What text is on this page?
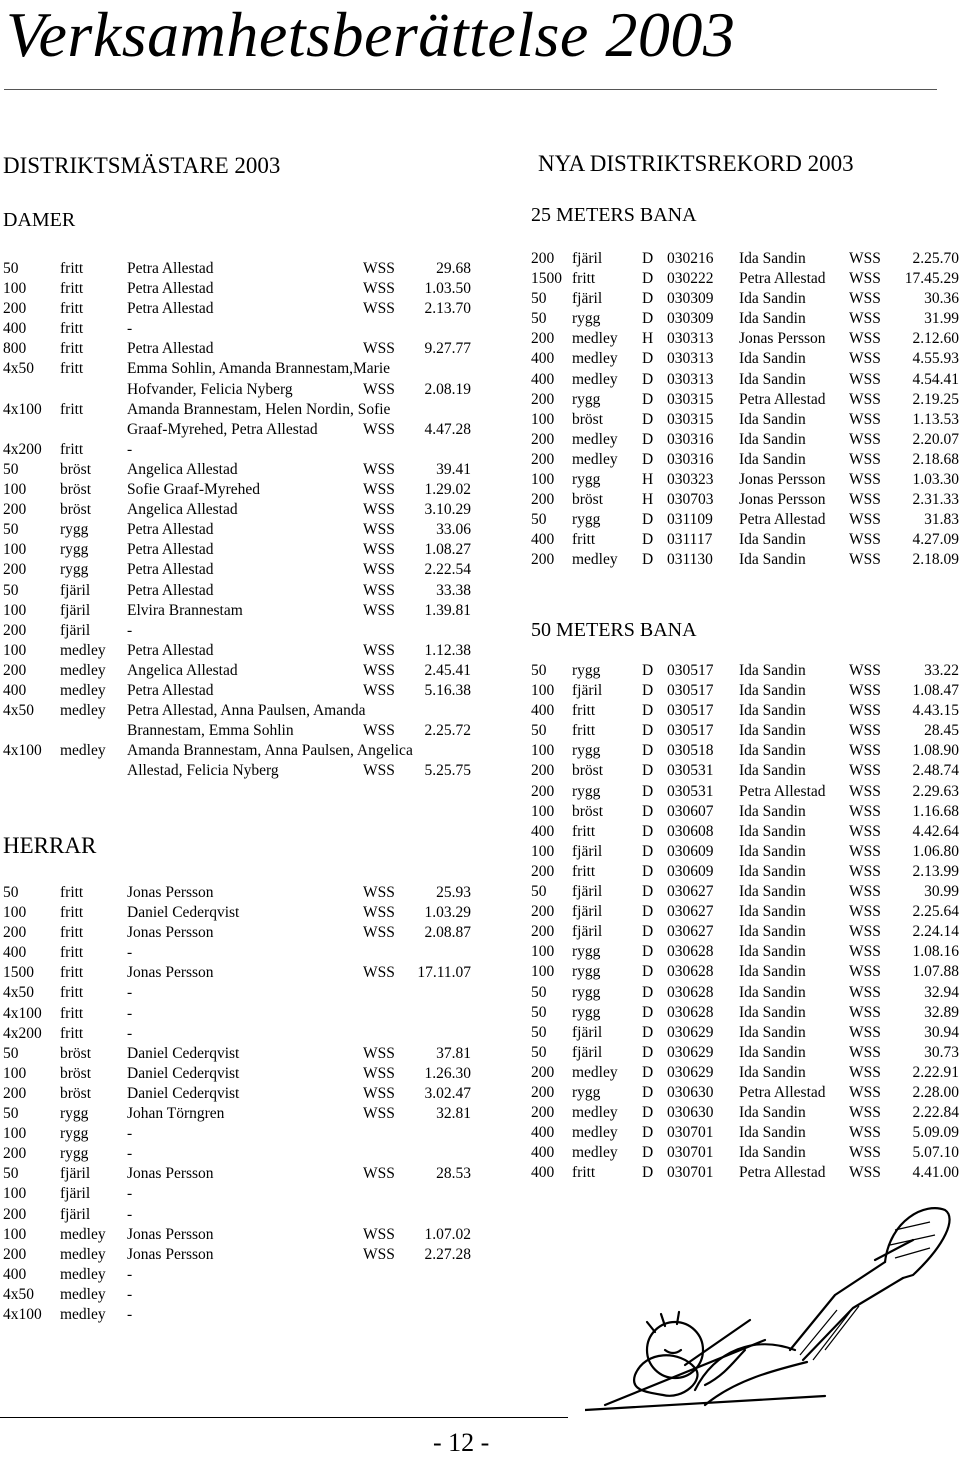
Verksamhetsberättelse 2003
DISTRIKTSMÄSTARE 2003
DAMER
50	fritt	Petra Allestad	WSS	29.68
100 fritt	Petra Allestad	WSS 1.03.50
200 fritt	Petra Allestad	WSS 2.13.70
400 fritt	-
800 fritt	Petra Allestad	WSS 9.27.77
4x50 fritt	Emma Sohlin, Amanda Brannestam,Marie
Hofvander, Felicia Nyberg	WSS 2.08.19
4x100 fritt	Amanda Brannestam, Helen Nordin, Sofie
Graaf-Myrehed, Petra Allestad	WSS 4.47.28
4x200 fritt	-
50	bröst Angelica Allestad	WSS	39.41
100 bröst Sofie Graaf-Myrehed	WSS 1.29.02
200 bröst Angelica Allestad	WSS 3.10.29
50	rygg Petra Allestad	WSS	33.06
100 rygg Petra Allestad	WSS 1.08.27
200 rygg Petra Allestad	WSS 2.22.54
50	fjäril Petra Allestad	WSS	33.38
100 fjäril Elvira Brannestam	WSS 1.39.81
200 fjäril -
100 medley Petra Allestad	WSS 1.12.38
200 medley Angelica Allestad	WSS 2.45.41
400 medley Petra Allestad	WSS 5.16.38
4x50 medley Petra Allestad, Anna Paulsen, Amanda
Brannestam, Emma Sohlin	WSS 2.25.72
4x100 medley Amanda Brannestam, Anna Paulsen, Angelica
Allestad, Felicia Nyberg	WSS 5.25.75
HERRAR
50	fritt	Jonas Persson	WSS	25.93
100 fritt	Daniel Cederqvist	WSS 1.03.29
200 fritt	Jonas Persson	WSS 2.08.87
400 fritt	-
1500 fritt	Jonas Persson	WSS 17.11.07
4x50 fritt	-
4x100 fritt	-
4x200 fritt	-
50	bröst Daniel Cederqvist	WSS	37.81
100 bröst Daniel Cederqvist	WSS 1.26.30
200 bröst Daniel Cederqvist	WSS 3.02.47
50	rygg Johan Törngren	WSS	32.81
100 rygg -
200 rygg -
50	fjäril Jonas Persson	WSS	28.53
100 fjäril -
200 fjäril -
100 medley Jonas Persson	WSS 1.07.02
200 medley Jonas Persson	WSS 2.27.28
400 medley -
4x50 medley -
4x100 medley -
NYA DISTRIKTSREKORD 2003
25 METERS BANA
200 fjäril	D 030216 Ida Sandin	WSS 2.25.70
1500 fritt	D 030222 Petra Allestad WSS 17.45.29
50 fjäril	D 030309 Ida Sandin	WSS	30.36
50 rygg	D 030309 Ida Sandin	WSS	31.99
200 medley H 030313 Jonas Persson WSS 2.12.60
400 medley D 030313 Ida Sandin	WSS 4.55.93
400 medley D 030313 Ida Sandin	WSS 4.54.41
200 rygg	D 030315 Petra Allestad WSS 2.19.25
100 bröst	D 030315 Ida Sandin	WSS 1.13.53
200 medley D 030316 Ida Sandin	WSS 2.20.07
200 medley D 030316 Ida Sandin	WSS 2.18.68
100 rygg	H 030323 Jonas Persson WSS 1.03.30
200 bröst	H 030703 Jonas Persson WSS 2.31.33
50 rygg	D 031109 Petra Allestad WSS	31.83
400 fritt	D 031117 Ida Sandin	WSS 4.27.09
200 medley D 031130 Ida Sandin	WSS 2.18.09
50 METERS BANA
50 rygg	D 030517 Ida Sandin	WSS	33.22
100 fjäril	D 030517 Ida Sandin	WSS 1.08.47
400 fritt	D 030517 Ida Sandin	WSS 4.43.15
50 fritt	D 030517 Ida Sandin	WSS	28.45
100 rygg	D 030518 Ida Sandin	WSS 1.08.90
200 bröst	D 030531 Ida Sandin	WSS 2.48.74
200 rygg	D 030531 Petra Allestad WSS 2.29.63
100 bröst	D 030607 Ida Sandin	WSS 1.16.68
400 fritt	D 030608 Ida Sandin	WSS 4.42.64
100 fjäril	D 030609 Ida Sandin	WSS 1.06.80
200 fritt	D 030609 Ida Sandin	WSS 2.13.99
50 fjäril	D 030627 Ida Sandin	WSS	30.99
200 fjäril	D 030627 Ida Sandin	WSS 2.25.64
200 fjäril	D 030627 Ida Sandin	WSS 2.24.14
100 rygg	D 030628 Ida Sandin	WSS 1.08.16
100 rygg	D 030628 Ida Sandin	WSS 1.07.88
50 rygg	D 030628 Ida Sandin	WSS	32.94
50 rygg	D 030628 Ida Sandin	WSS	32.89
50 fjäril	D 030629 Ida Sandin	WSS	30.94
50 fjäril	D 030629 Ida Sandin	WSS	30.73
200 medley D 030629 Ida Sandin	WSS 2.22.91
200 rygg	D 030630 Petra Allestad WSS 2.28.00
200 medley D 030630 Ida Sandin	WSS 2.22.84
400 medley D 030701 Ida Sandin	WSS 5.09.09
400 medley D 030701 Ida Sandin	WSS 5.07.10
400 fritt	D 030701 Petra Allestad WSS 4.41.00
- 12 -
